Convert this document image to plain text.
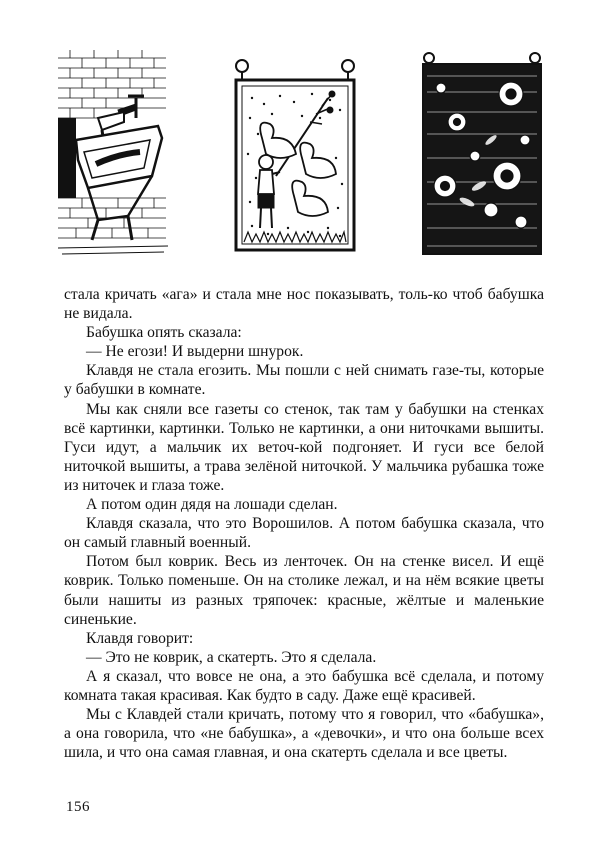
стала кричать «ага» и стала мне нос показывать, толь-ко чтоб бабушка не видала.

Бабушка опять сказала:

— Не егози! И выдерни шнурок.

Клавдя не стала егозить. Мы пошли с ней снимать газе-ты, которые у бабушки в комнате.

Мы как сняли все газеты со стенок, так там у бабушки на стенках всё картинки, картинки. Только не картинки, а они ниточками вышиты. Гуси идут, а мальчик их веточ-кой подгоняет. И гуси все белой ниточкой вышиты, а трава зелёной ниточкой. У мальчика рубашка тоже из ниточек и глаза тоже.

А потом один дядя на лошади сделан.

Клавдя сказала, что это Ворошилов. А потом бабушка сказала, что он самый главный военный.

Потом был коврик. Весь из ленточек. Он на стенке висел. И ещё коврик. Только поменьше. Он на столике лежал, и на нём всякие цветы были нашиты из разных тряпочек: красные, жёлтые и маленькие синенькие.

Клавдя говорит:

— Это не коврик, а скатерть. Это я сделала.

А я сказал, что вовсе не она, а это бабушка всё сделала, и потому комната такая красивая. Как будто в саду. Даже ещё красивей.

Мы с Клавдей стали кричать, потому что я говорил, что «бабушка», а она говорила, что «не бабушка», а «девочки», и что она больше всех шила, и что она самая главная, и она скатерть сделала и все цветы.

156
